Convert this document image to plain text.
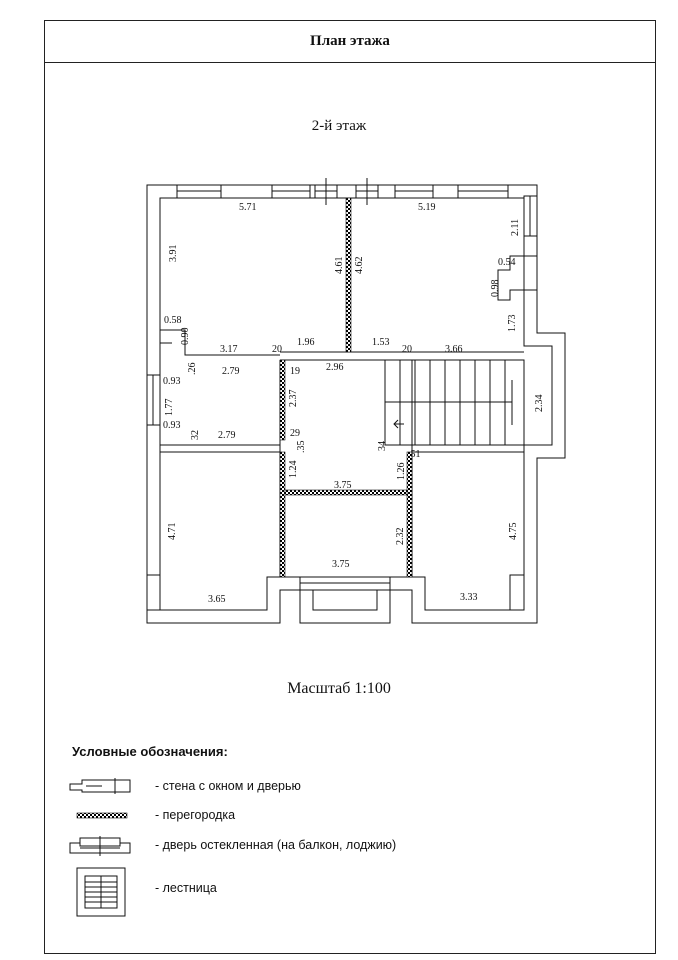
План этажа
2-й этаж
5.71	5.19
3.91
4.61 4.62
2.11
0.54
0.98
1.73
0.58
0.90
3.17	20
1.96
2.96
1.53
20	3.66
0.93
.26 2.79	19
2.37
1.77
0.93
32 2.79	29
.35	34
2.34
1.24
.51
1.26
3.75
4.71	4.75
2.32
3.75
3.65	3.33
Масштаб 1:100
Условные обозначения:
- стена с окном и дверью
- перегородка
- дверь остекленная (на балкон, лоджию)
- лестница
